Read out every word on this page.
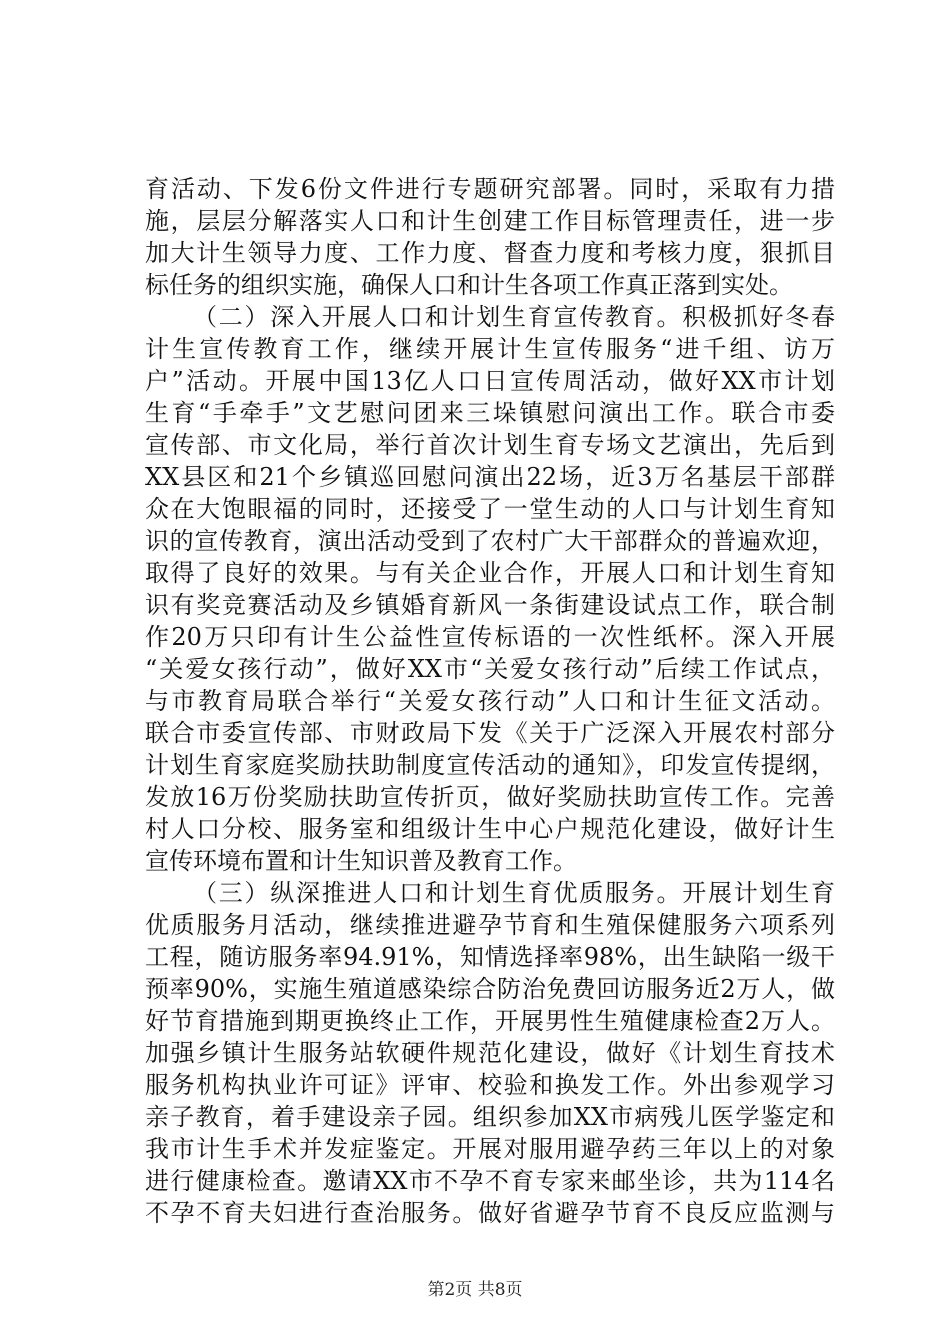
育活动、下发6份文件进行专题研究部署。同时，采取有力措
施，层层分解落实人口和计生创建工作目标管理责任，进一步
加大计生领导力度、工作力度、督查力度和考核力度，狠抓目
标任务的组织实施，确保人口和计生各项工作真正落到实处。
（二）深入开展人口和计划生育宣传教育。积极抓好冬春
计生宣传教育工作，继续开展计生宣传服务“进千组、访万
户”活动。开展中国13亿人口日宣传周活动，做好XX市计划
生育“手牵手”文艺慰问团来三垛镇慰问演出工作。联合市委
宣传部、市文化局，举行首次计划生育专场文艺演出，先后到
XX县区和21个乡镇巡回慰问演出22场，近3万名基层干部群
众在大饱眼福的同时，还接受了一堂生动的人口与计划生育知
识的宣传教育，演出活动受到了农村广大干部群众的普遍欢迎，
取得了良好的效果。与有关企业合作，开展人口和计划生育知
识有奖竞赛活动及乡镇婚育新风一条街建设试点工作，联合制
作20万只印有计生公益性宣传标语的一次性纸杯。深入开展
“关爱女孩行动”，做好XX市“关爱女孩行动”后续工作试点，
与市教育局联合举行“关爱女孩行动”人口和计生征文活动。
联合市委宣传部、市财政局下发《关于广泛深入开展农村部分
计划生育家庭奖励扶助制度宣传活动的通知》，印发宣传提纲，
发放16万份奖励扶助宣传折页，做好奖励扶助宣传工作。完善
村人口分校、服务室和组级计生中心户规范化建设，做好计生
宣传环境布置和计生知识普及教育工作。
（三）纵深推进人口和计划生育优质服务。开展计划生育
优质服务月活动，继续推进避孕节育和生殖保健服务六项系列
工程，随访服务率94.91%，知情选择率98%，出生缺陷一级干
预率90%，实施生殖道感染综合防治免费回访服务近2万人，做
好节育措施到期更换终止工作，开展男性生殖健康检查2万人。
加强乡镇计生服务站软硬件规范化建设，做好《计划生育技术
服务机构执业许可证》评审、校验和换发工作。外出参观学习
亲子教育，着手建设亲子园。组织参加XX市病残儿医学鉴定和
我市计生手术并发症鉴定。开展对服用避孕药三年以上的对象
进行健康检查。邀请XX市不孕不育专家来邮坐诊，共为114名
不孕不育夫妇进行查治服务。做好省避孕节育不良反应监测与
第2页 共8页
